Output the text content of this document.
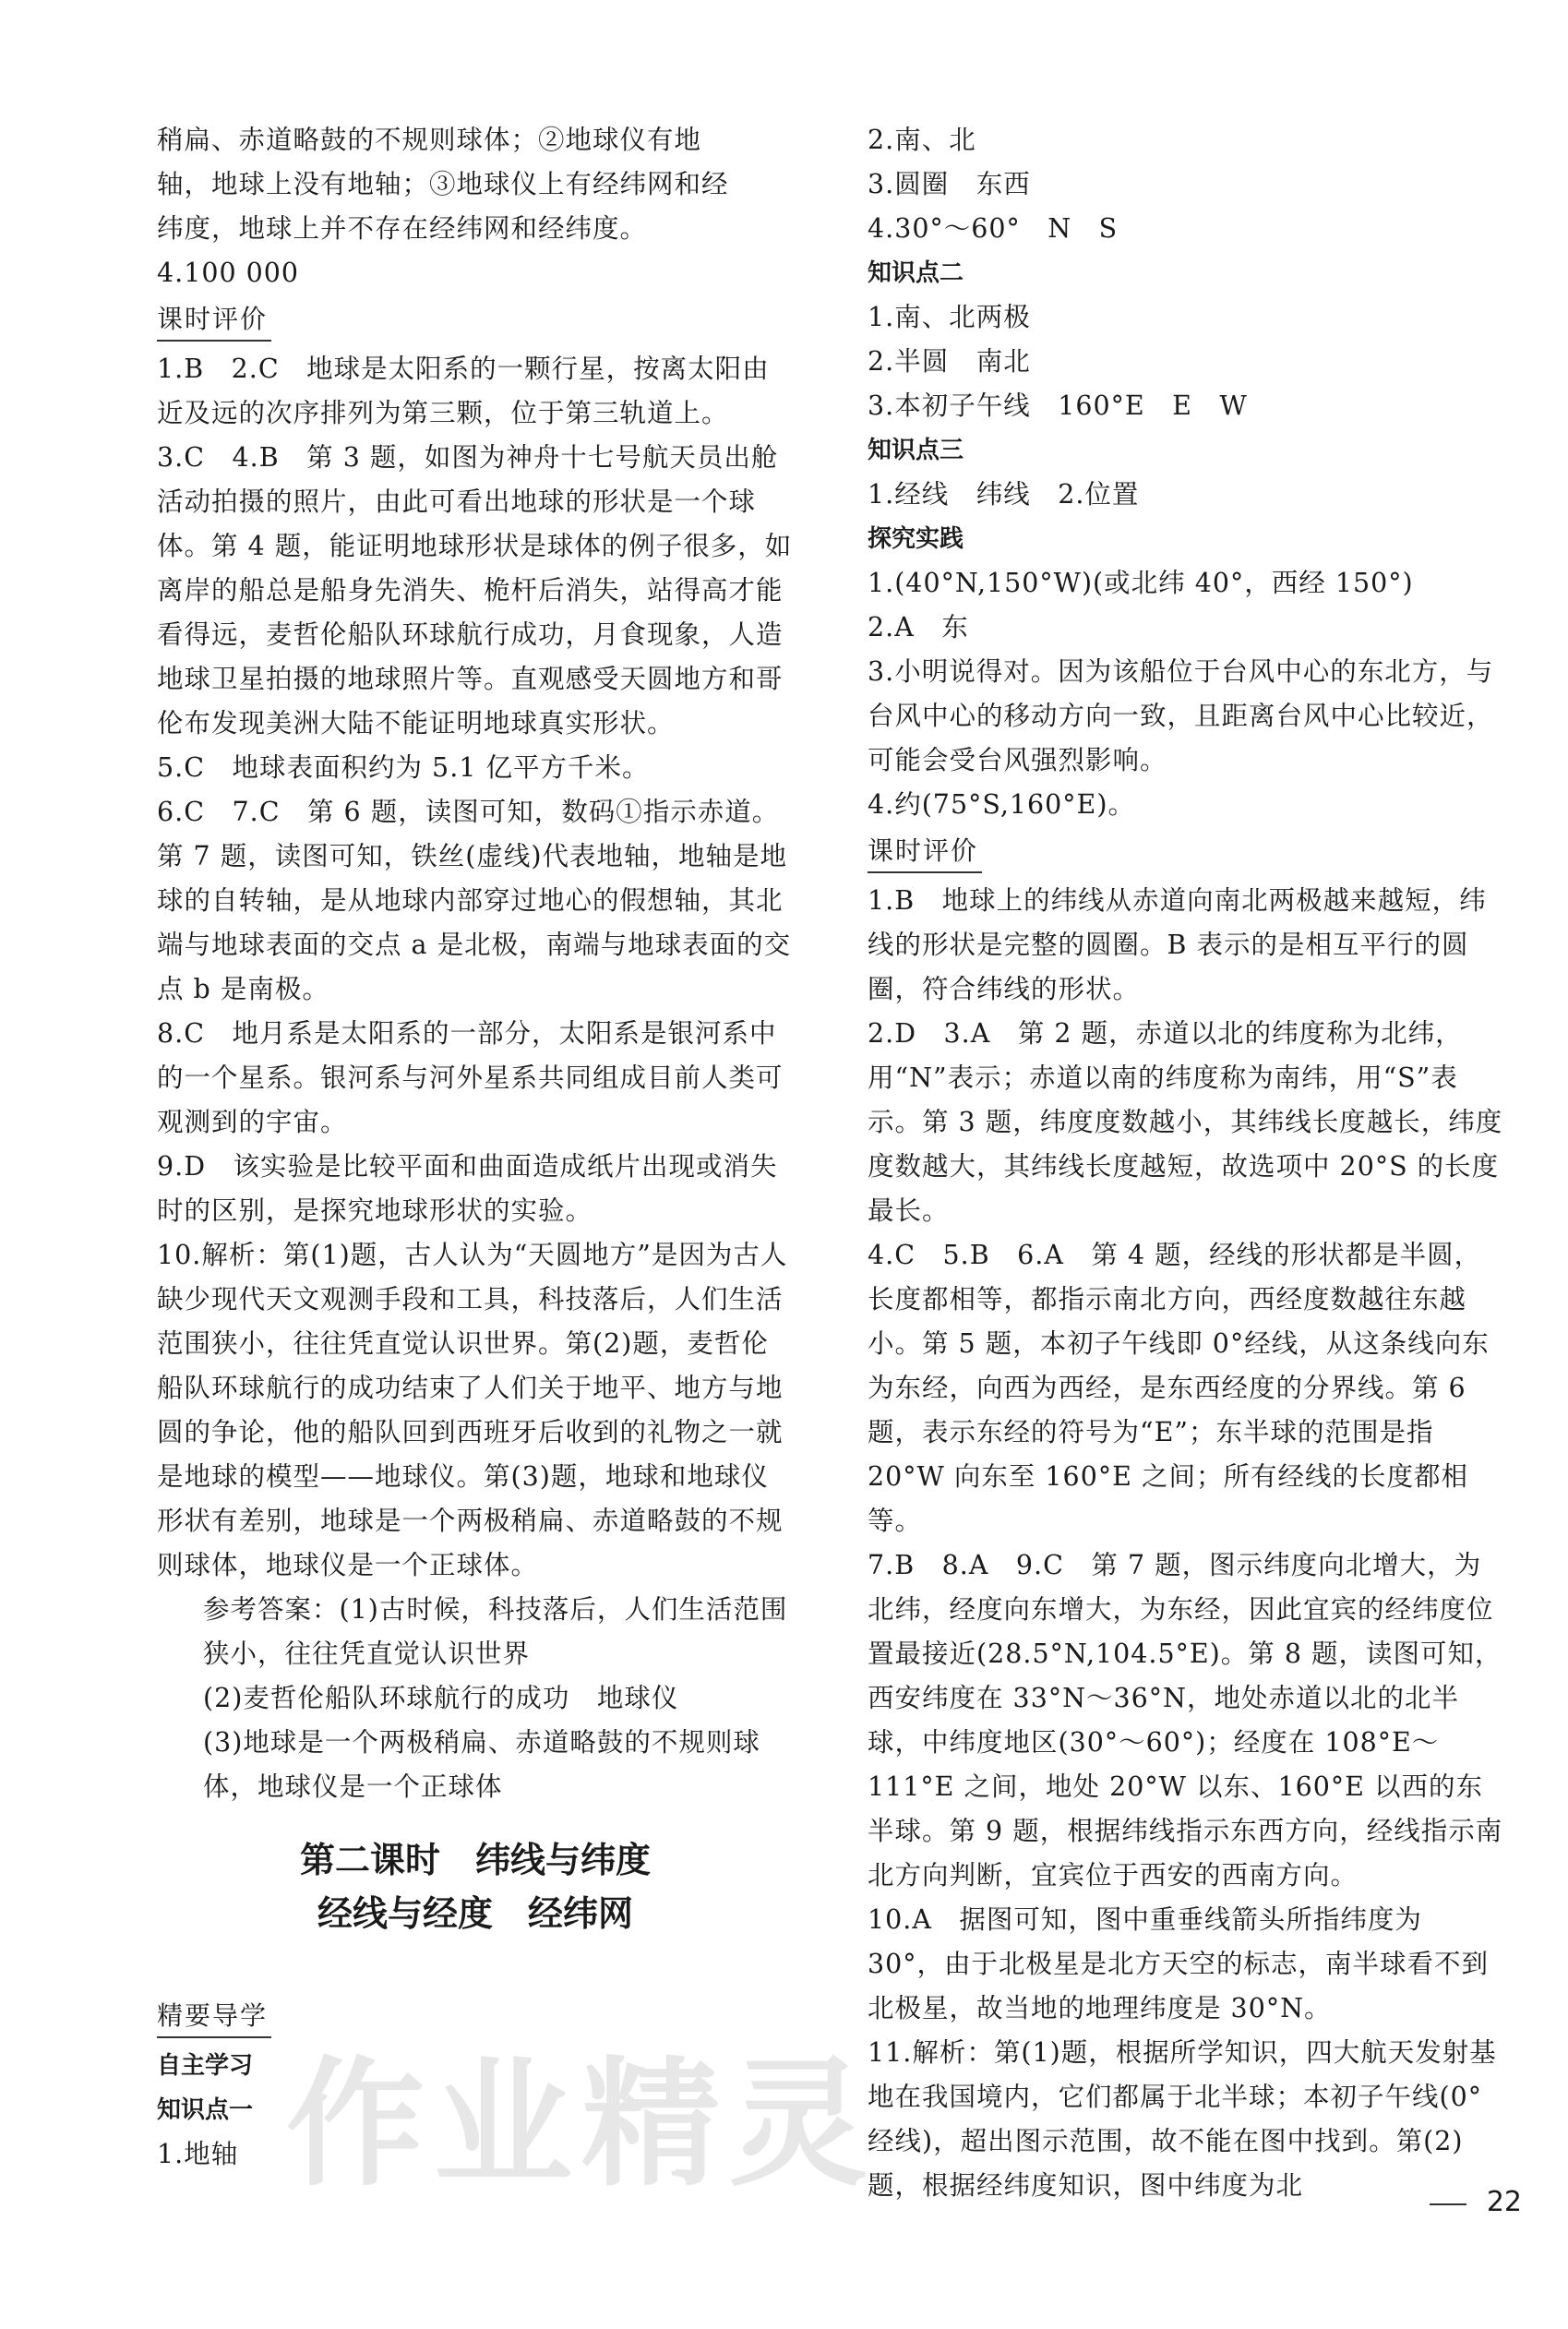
稍扁、赤道略鼓的不规则球体；②地球仪有地

轴，地球上没有地轴；③地球仪上有经纬网和经

纬度，地球上并不存在经纬网和经纬度。

4.100 000

课时评价

1.B　2.C　地球是太阳系的一颗行星，按离太阳由近及远的次序排列为第三颗，位于第三轨道上。

3.C　4.B　第 3 题，如图为神舟十七号航天员出舱活动拍摄的照片，由此可看出地球的形状是一个球体。第 4 题，能证明地球形状是球体的例子很多，如离岸的船总是船身先消失、桅杆后消失，站得高才能看得远，麦哲伦船队环球航行成功，月食现象，人造地球卫星拍摄的地球照片等。直观感受天圆地方和哥伦布发现美洲大陆不能证明地球真实形状。

5.C　地球表面积约为 5.1 亿平方千米。

6.C　7.C　第 6 题，读图可知，数码①指示赤道。第 7 题，读图可知，铁丝(虚线)代表地轴，地轴是地球的自转轴，是从地球内部穿过地心的假想轴，其北端与地球表面的交点 a 是北极，南端与地球表面的交点 b 是南极。

8.C　地月系是太阳系的一部分，太阳系是银河系中的一个星系。银河系与河外星系共同组成目前人类可观测到的宇宙。

9.D　该实验是比较平面和曲面造成纸片出现或消失时的区别，是探究地球形状的实验。

10.解析：第(1)题，古人认为“天圆地方”是因为古人缺少现代天文观测手段和工具，科技落后，人们生活范围狭小，往往凭直觉认识世界。第(2)题，麦哲伦船队环球航行的成功结束了人们关于地平、地方与地圆的争论，他的船队回到西班牙后收到的礼物之一就是地球的模型——地球仪。第(3)题，地球和地球仪形状有差别，地球是一个两极稍扁、赤道略鼓的不规则球体，地球仪是一个正球体。

参考答案：(1)古时候，科技落后，人们生活范围狭小，往往凭直觉认识世界

(2)麦哲伦船队环球航行的成功　地球仪

(3)地球是一个两极稍扁、赤道略鼓的不规则球体，地球仪是一个正球体

第二课时　纬线与纬度
经线与经度　经纬网
精要导学

自主学习

知识点一

1.地轴

2.南、北

3.圆圈　东西

4.30°～60°　N　S

知识点二

1.南、北两极

2.半圆　南北

3.本初子午线　160°E　E　W

知识点三

1.经线　纬线　2.位置

探究实践

1.(40°N,150°W)(或北纬 40°，西经 150°)

2.A　东

3.小明说得对。因为该船位于台风中心的东北方，与台风中心的移动方向一致，且距离台风中心比较近，可能会受台风强烈影响。

4.约(75°S,160°E)。

课时评价

1.B　地球上的纬线从赤道向南北两极越来越短，纬线的形状是完整的圆圈。B 表示的是相互平行的圆圈，符合纬线的形状。

2.D　3.A　第 2 题，赤道以北的纬度称为北纬，用“N”表示；赤道以南的纬度称为南纬，用“S”表示。第 3 题，纬度度数越小，其纬线长度越长，纬度度数越大，其纬线长度越短，故选项中 20°S 的长度最长。

4.C　5.B　6.A　第 4 题，经线的形状都是半圆，长度都相等，都指示南北方向，西经度数越往东越小。第 5 题，本初子午线即 0°经线，从这条线向东为东经，向西为西经，是东西经度的分界线。第 6 题，表示东经的符号为“E”；东半球的范围是指 20°W 向东至 160°E 之间；所有经线的长度都相等。

7.B　8.A　9.C　第 7 题，图示纬度向北增大，为北纬，经度向东增大，为东经，因此宜宾的经纬度位置最接近(28.5°N,104.5°E)。第 8 题，读图可知，西安纬度在 33°N～36°N，地处赤道以北的北半球，中纬度地区(30°～60°)；经度在 108°E～111°E 之间，地处 20°W 以东、160°E 以西的东半球。第 9 题，根据纬线指示东西方向，经线指示南北方向判断，宜宾位于西安的西南方向。

10.A　据图可知，图中重垂线箭头所指纬度为 30°，由于北极星是北方天空的标志，南半球看不到北极星，故当地的地理纬度是 30°N。

11.解析：第(1)题，根据所学知识，四大航天发射基地在我国境内，它们都属于北半球；本初子午线(0°经线)，超出图示范围，故不能在图中找到。第(2)题，根据经纬度知识，图中纬度为北

作业精灵	22
